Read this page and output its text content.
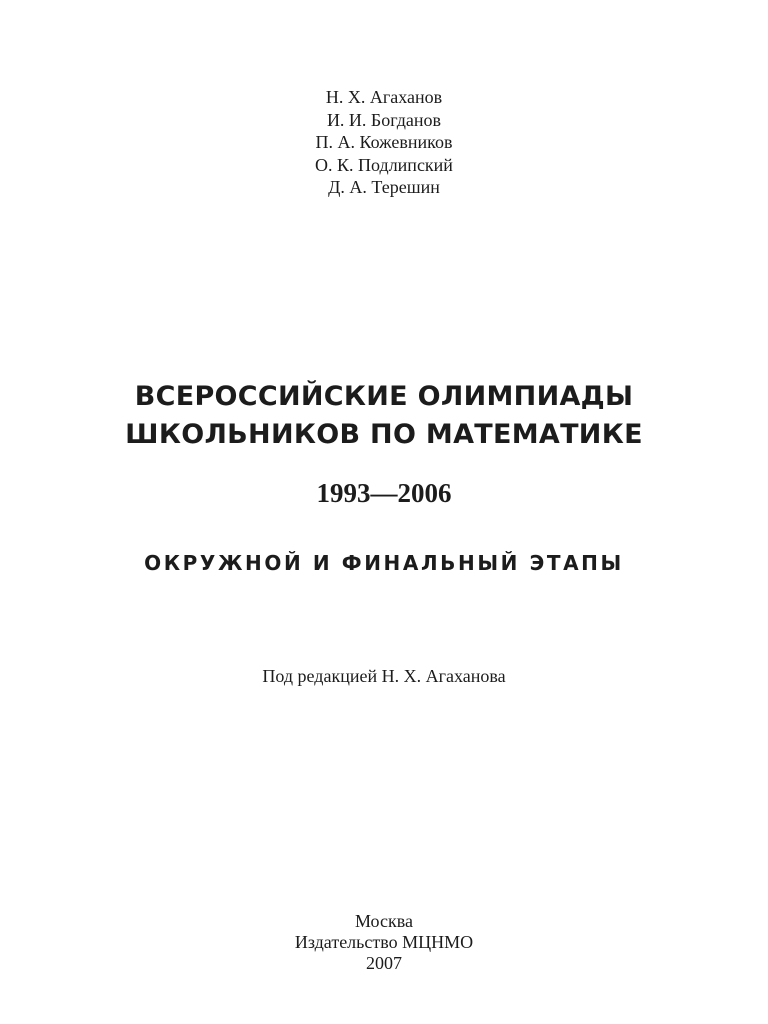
Н. Х. Агаханов
И. И. Богданов
П. А. Кожевников
О. К. Подлипский
Д. А. Терешин
ВСЕРОССИЙСКИЕ ОЛИМПИАДЫ
ШКОЛЬНИКОВ ПО МАТЕМАТИКЕ
1993—2006
ОКРУЖНОЙ И ФИНАЛЬНЫЙ ЭТАПЫ
Под редакцией Н. Х. Агаханова
Москва
Издательство МЦНМО
2007
